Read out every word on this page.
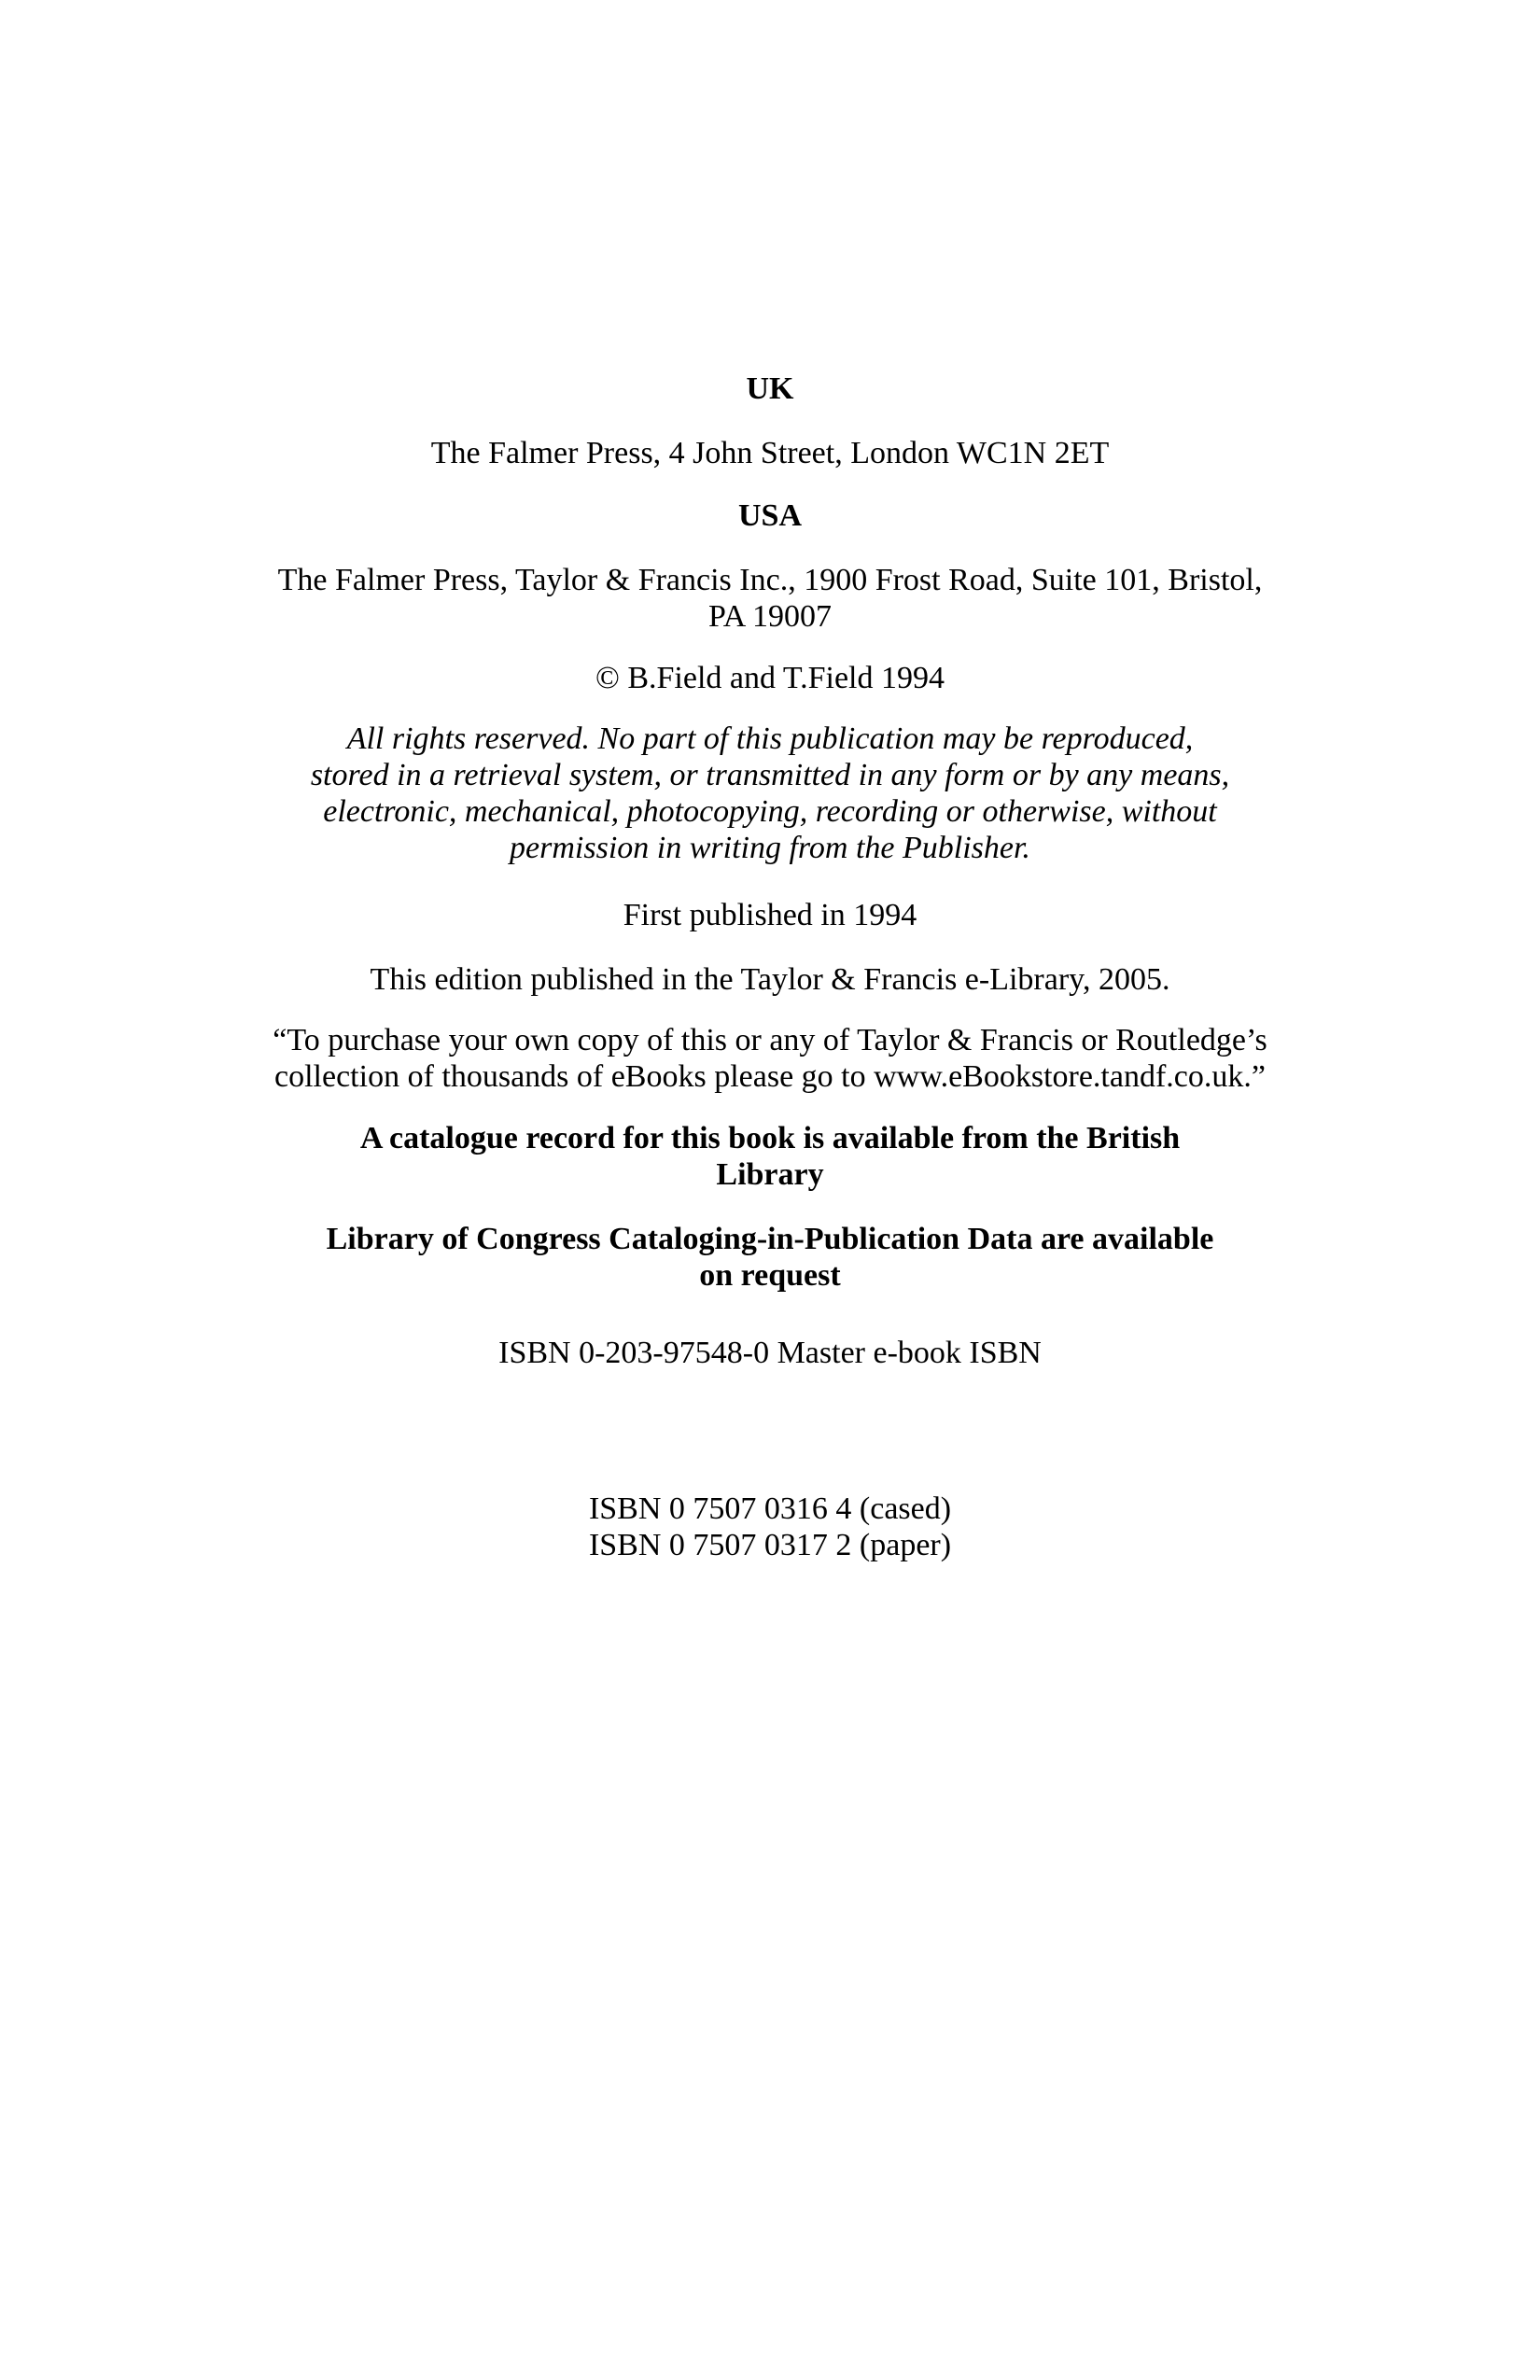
UK

The Falmer Press, 4 John Street, London WC1N 2ET

USA

The Falmer Press, Taylor & Francis Inc., 1900 Frost Road, Suite 101, Bristol,
PA 19007

© B.Field and T.Field 1994

All rights reserved. No part of this publication may be reproduced,
stored in a retrieval system, or transmitted in any form or by any means,
electronic, mechanical, photocopying, recording or otherwise, without
permission in writing from the Publisher.

First published in 1994

This edition published in the Taylor & Francis e-Library, 2005.

“To purchase your own copy of this or any of Taylor & Francis or Routledge’s
collection of thousands of eBooks please go to www.eBookstore.tandf.co.uk.”

A catalogue record for this book is available from the British
Library

Library of Congress Cataloging-in-Publication Data are available
on request

ISBN 0-203-97548-0 Master e-book ISBN

ISBN 0 7507 0316 4 (cased)
ISBN 0 7507 0317 2 (paper)
